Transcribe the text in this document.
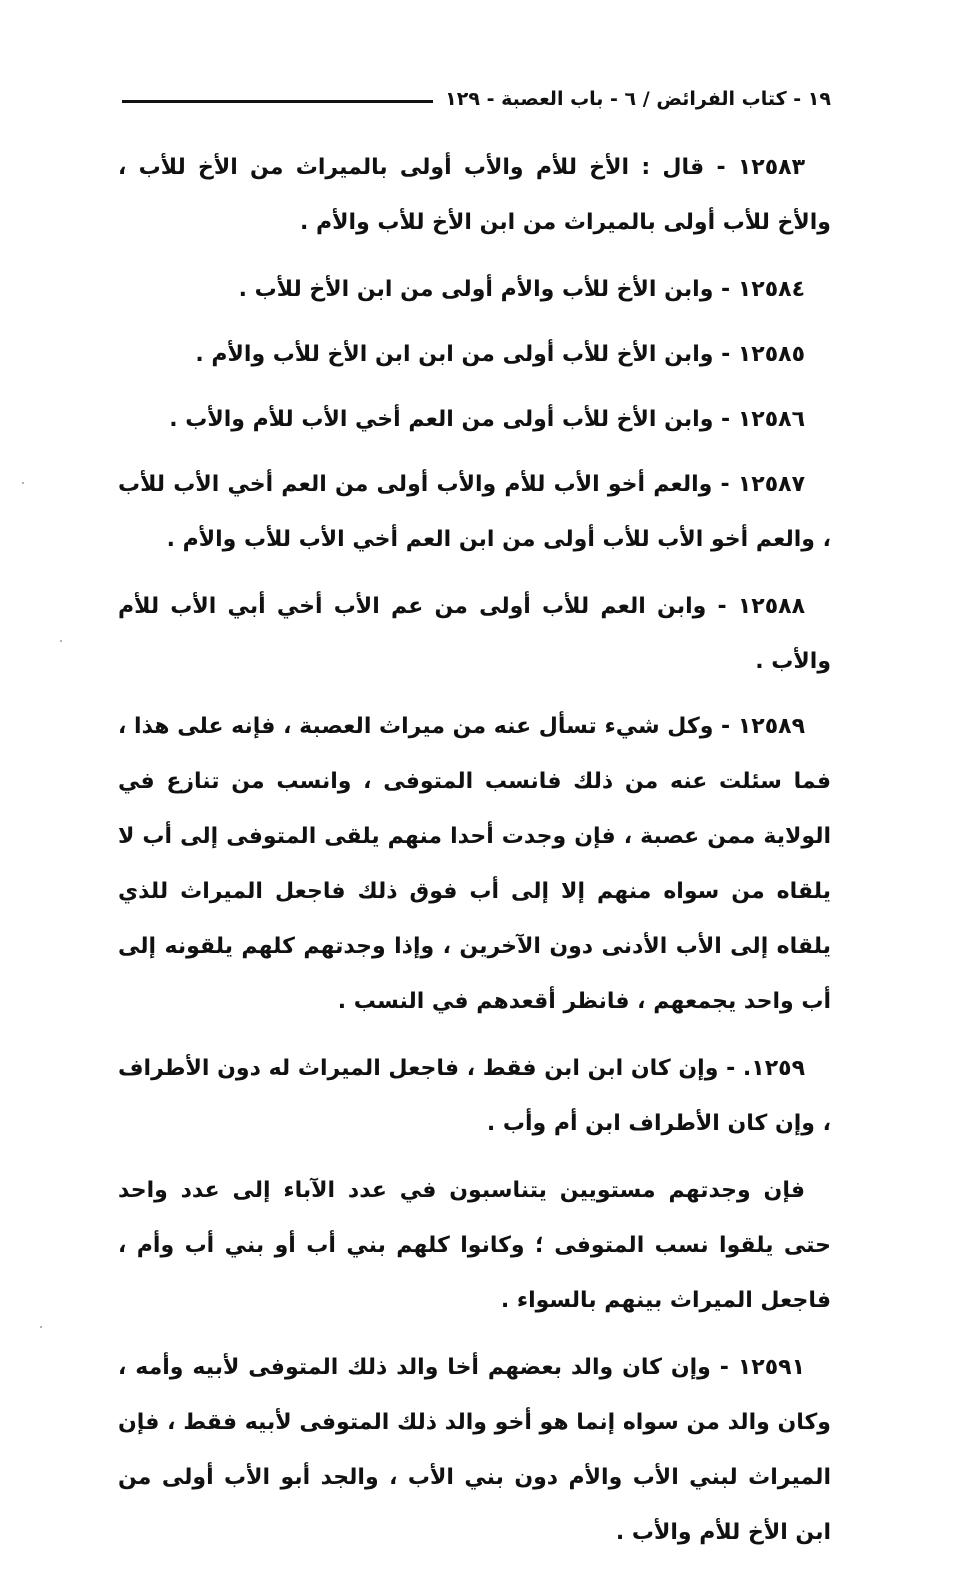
١٩ - كتاب الفرائض / ٦ - باب العصبة - ١٢٩

١٢٥٨٣ - قال : الأخ للأم والأب أولى بالميراث من الأخ للأب ، والأخ للأب أولى بالميراث من ابن الأخ للأب والأم .

١٢٥٨٤ - وابن الأخ للأب والأم أولى من ابن الأخ للأب .

١٢٥٨٥ - وابن الأخ للأب أولى من ابن ابن الأخ للأب والأم .

١٢٥٨٦ - وابن الأخ للأب أولى من العم أخي الأب للأم والأب .

١٢٥٨٧ - والعم أخو الأب للأم والأب أولى من العم أخي الأب للأب ، والعم أخو الأب للأب أولى من ابن العم أخي الأب للأب والأم .

١٢٥٨٨ - وابن العم للأب أولى من عم الأب أخي أبي الأب للأم والأب .

١٢٥٨٩ - وكل شيء تسأل عنه من ميراث العصبة ، فإنه على هذا ، فما سئلت عنه من ذلك فانسب المتوفى ، وانسب من تنازع في الولاية ممن عصبة ، فإن وجدت أحدا منهم يلقى المتوفى إلى أب لا يلقاه من سواه منهم إلا إلى أب فوق ذلك فاجعل الميراث للذي يلقاه إلى الأب الأدنى دون الآخرين ، وإذا وجدتهم كلهم يلقونه إلى أب واحد يجمعهم ، فانظر أقعدهم في النسب .

١٢٥٩. - وإن كان ابن ابن فقط ، فاجعل الميراث له دون الأطراف ، وإن كان الأطراف ابن أم وأب .

فإن وجدتهم مستويين يتناسبون في عدد الآباء إلى عدد واحد حتى يلقوا نسب المتوفى ؛ وكانوا كلهم بني أب أو بني أب وأم ، فاجعل الميراث بينهم بالسواء .

١٢٥٩١ - وإن كان والد بعضهم أخا والد ذلك المتوفى لأبيه وأمه ، وكان والد من سواه إنما هو أخو والد ذلك المتوفى لأبيه فقط ، فإن الميراث لبني الأب والأم دون بني الأب ، والجد أبو الأب أولى من ابن الأخ للأم والأب .
